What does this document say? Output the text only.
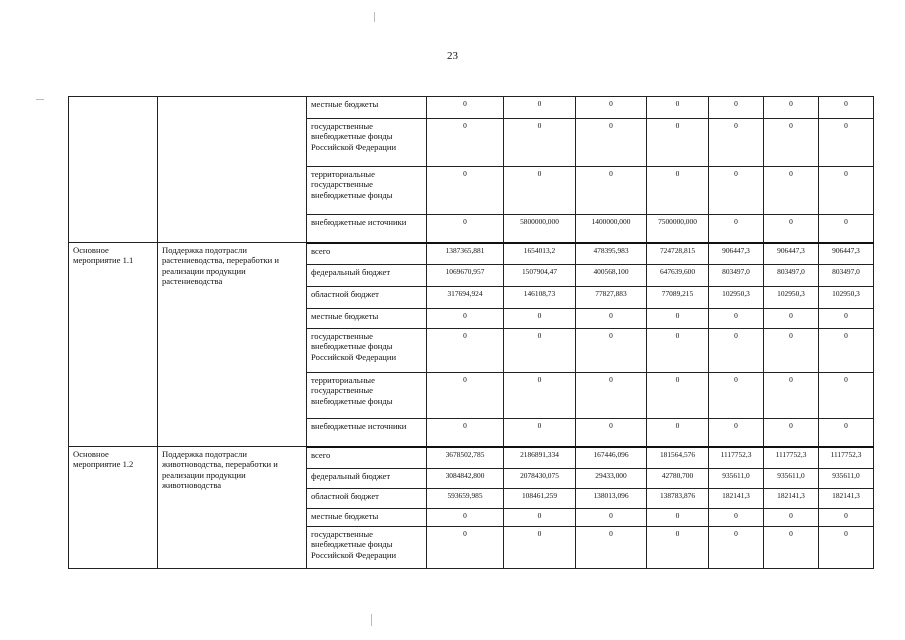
23
		местные бюджеты	0	0	0	0	0	0	0
		государственные внебюджетные фонды Российской Федерации	0	0	0	0	0	0	0
		территориальные государственные внебюджетные фонды	0	0	0	0	0	0	0
		внебюджетные источники	0	5800000,000	1400000,000	7500000,000	0	0	0
Основное мероприятие 1.1	Поддержка подотрасли растениеводства, переработки и реализации продукции растениеводства	всего	1387365,881	1654013,2	478395,983	724728,815	906447,3	906447,3	906447,3
		федеральный бюджет	1069670,957	1507904,47	400568,100	647639,600	803497,0	803497,0	803497,0
		областной бюджет	317694,924	146108,73	77827,883	77089,215	102950,3	102950,3	102950,3
		местные бюджеты	0	0	0	0	0	0	0
		государственные внебюджетные фонды Российской Федерации	0	0	0	0	0	0	0
		территориальные государственные внебюджетные фонды	0	0	0	0	0	0	0
		внебюджетные источники	0	0	0	0	0	0	0
Основное мероприятие 1.2	Поддержка подотрасли животноводства, переработки и реализации продукции животноводства	всего	3678502,785	2186891,334	167446,096	181564,576	1117752,3	1117752,3	1117752,3
		федеральный бюджет	3084842,800	2078430,075	29433,000	42780,700	935611,0	935611,0	935611,0
		областной бюджет	593659,985	108461,259	138013,096	138783,876	182141,3	182141,3	182141,3
		местные бюджеты	0	0	0	0	0	0	0
		государственные внебюджетные фонды Российской Федерации	0	0	0	0	0	0	0
